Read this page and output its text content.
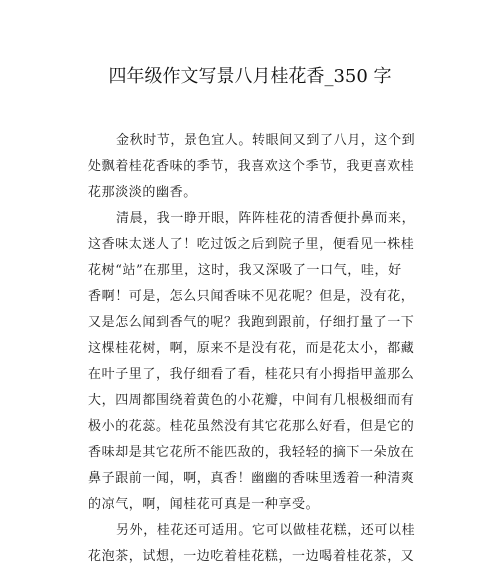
四年级作文写景八月桂花香_350 字
金秋时节，景色宜人。转眼间又到了八月，这个到
处飘着桂花香味的季节，我喜欢这个季节，我更喜欢桂
花那淡淡的幽香。
清晨，我一睁开眼，阵阵桂花的清香便扑鼻而来，
这香味太迷人了！吃过饭之后到院子里，便看见一株桂
花树“站”在那里，这时，我又深吸了一口气，哇，好
香啊！可是，怎么只闻香味不见花呢？但是，没有花，
又是怎么闻到香气的呢？我跑到跟前，仔细打量了一下
这棵桂花树，啊，原来不是没有花，而是花太小，都藏
在叶子里了，我仔细看了看，桂花只有小拇指甲盖那么
大，四周都围绕着黄色的小花瓣，中间有几根极细而有
极小的花蕊。桂花虽然没有其它花那么好看，但是它的
香味却是其它花所不能匹敌的，我轻轻的摘下一朵放在
鼻子跟前一闻，啊，真香！幽幽的香味里透着一种清爽
的凉气，啊，闻桂花可真是一种享受。
另外，桂花还可适用。它可以做桂花糕，还可以桂
花泡茶，试想，一边吃着桂花糕，一边喝着桂花茶，又
